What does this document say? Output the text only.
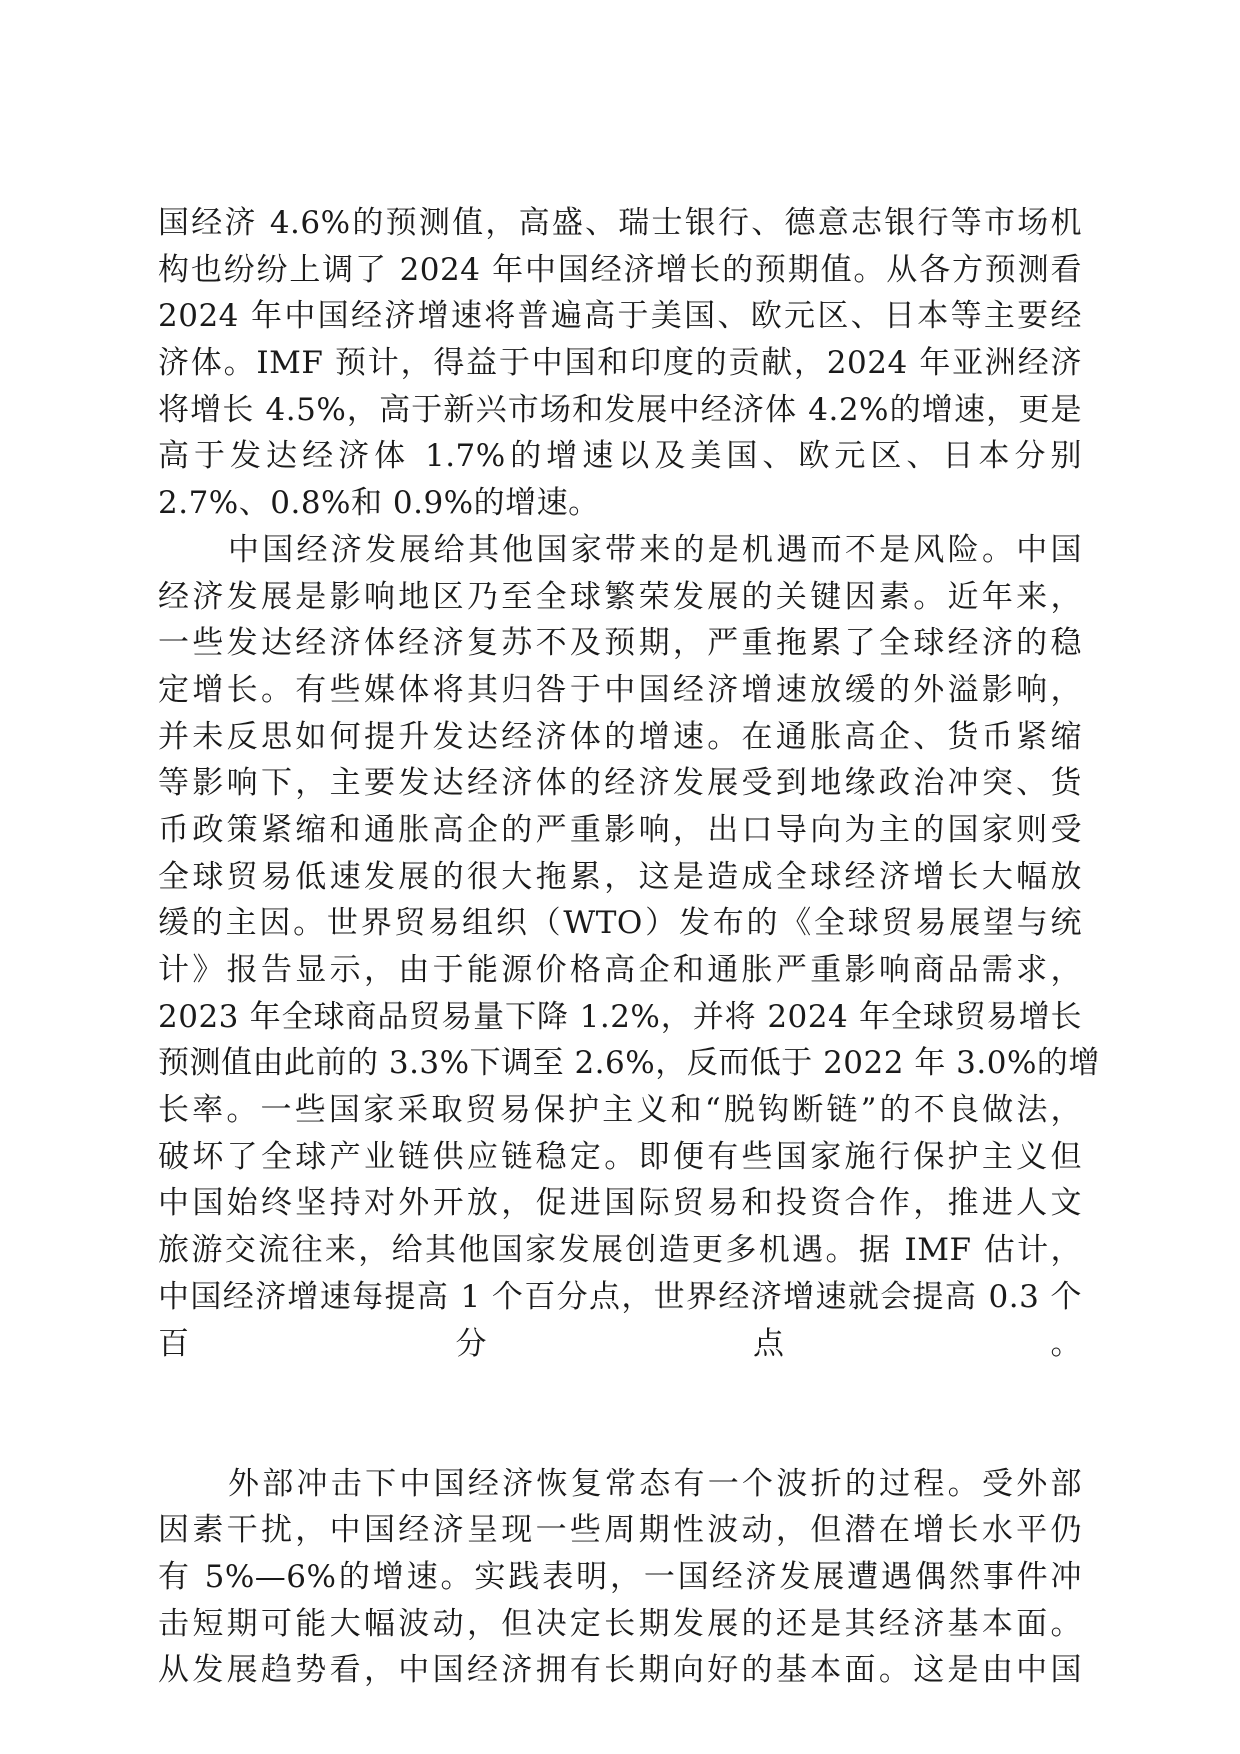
国经济 4.6%的预测值，高盛、瑞士银行、德意志银行等市场机
构也纷纷上调了 2024 年中国经济增长的预期值。从各方预测看
2024 年中国经济增速将普遍高于美国、欧元区、日本等主要经
济体。IMF 预计，得益于中国和印度的贡献，2024 年亚洲经济
将增长 4.5%，高于新兴市场和发展中经济体 4.2%的增速，更是
高于发达经济体 1.7%的增速以及美国、欧元区、日本分别
2.7%、0.8%和 0.9%的增速。
中国经济发展给其他国家带来的是机遇而不是风险。中国
经济发展是影响地区乃至全球繁荣发展的关键因素。近年来，
一些发达经济体经济复苏不及预期，严重拖累了全球经济的稳
定增长。有些媒体将其归咎于中国经济增速放缓的外溢影响，
并未反思如何提升发达经济体的增速。在通胀高企、货币紧缩
等影响下，主要发达经济体的经济发展受到地缘政治冲突、货
币政策紧缩和通胀高企的严重影响，出口导向为主的国家则受
全球贸易低速发展的很大拖累，这是造成全球经济增长大幅放
缓的主因。世界贸易组织（WTO）发布的《全球贸易展望与统
计》报告显示，由于能源价格高企和通胀严重影响商品需求，
2023 年全球商品贸易量下降 1.2%，并将 2024 年全球贸易增长
预测值由此前的 3.3%下调至 2.6%，反而低于 2022 年 3.0%的增
长率。一些国家采取贸易保护主义和“脱钩断链”的不良做法，
破坏了全球产业链供应链稳定。即便有些国家施行保护主义但
中国始终坚持对外开放，促进国际贸易和投资合作，推进人文
旅游交流往来，给其他国家发展创造更多机遇。据 IMF 估计，
中国经济增速每提高 1 个百分点，世界经济增速就会提高 0.3 个
百分点。
外部冲击下中国经济恢复常态有一个波折的过程。受外部
因素干扰，中国经济呈现一些周期性波动，但潜在增长水平仍
有 5%—6%的增速。实践表明，一国经济发展遭遇偶然事件冲
击短期可能大幅波动，但决定长期发展的还是其经济基本面。
从发展趋势看，中国经济拥有长期向好的基本面。这是由中国
